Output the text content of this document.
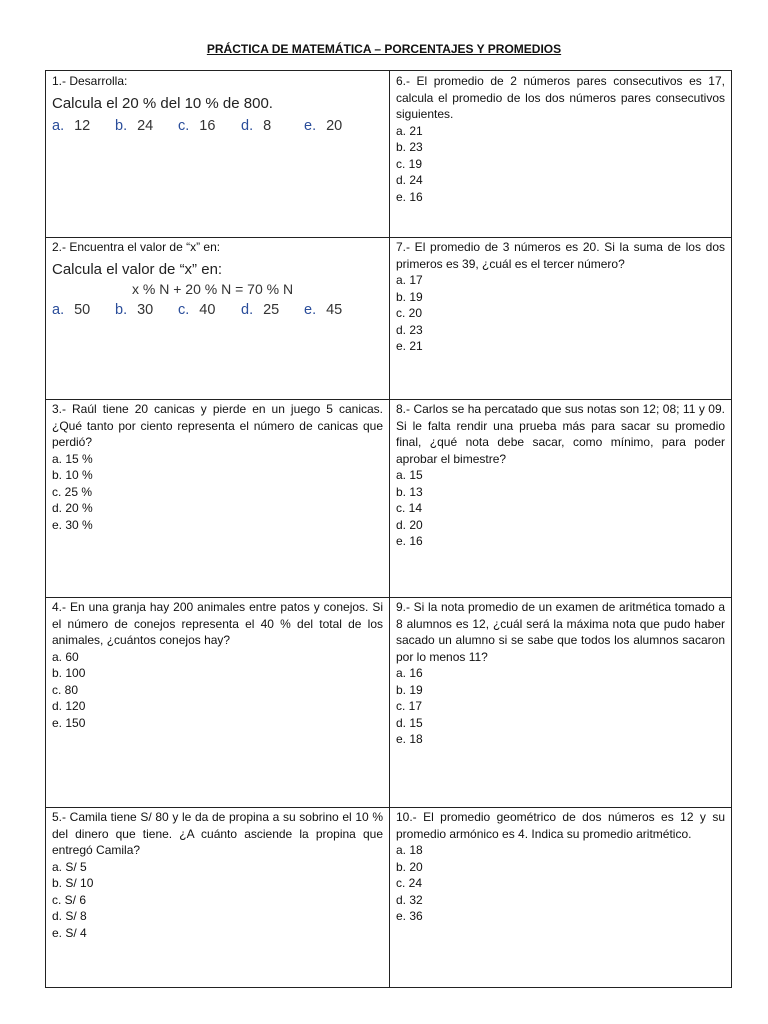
PRÁCTICA DE MATEMÁTICA – PORCENTAJES Y PROMEDIOS

1.- Desarrolla:

Calcula el 20 % del 10 % de 800.
a. 12	b. 24	c. 16	d. 8	e. 20

6.- El promedio de 2 números pares consecutivos es 17, calcula el promedio de los dos números pares consecutivos siguientes.

a. 21

b. 23

c. 19

d. 24

e. 16

2.- Encuentra el valor de “x” en:

Calcula el valor de “x” en:
x % N + 20 % N = 70 % N
a. 50	b. 30	c. 40	d. 25	e. 45

7.- El promedio de 3 números es 20. Si la suma de los dos primeros es 39, ¿cuál es el tercer número?

a. 17

b. 19

c. 20

d. 23

e. 21

3.- Raúl tiene 20 canicas y pierde en un juego 5 canicas. ¿Qué tanto por ciento representa el número de canicas que perdió?

a. 15 %

b. 10 %

c. 25 %

d. 20 %

e. 30 %

8.- Carlos se ha percatado que sus notas son 12; 08; 11 y 09. Si le falta rendir una prueba más para sacar su promedio final, ¿qué nota debe sacar, como mínimo, para poder aprobar el bimestre?

a. 15

b. 13

c. 14

d. 20

e. 16

4.- En una granja hay 200 animales entre patos y conejos. Si el número de conejos representa el 40 % del total de los animales, ¿cuántos conejos hay?

a. 60

b. 100

c. 80

d. 120

e. 150

9.- Si la nota promedio de un examen de aritmética tomado a 8 alumnos es 12, ¿cuál será la máxima nota que pudo haber sacado un alumno si se sabe que todos los alumnos sacaron por lo menos 11?

a. 16

b. 19

c. 17

d. 15

e. 18

5.- Camila tiene S/ 80 y le da de propina a su sobrino el 10 % del dinero que tiene. ¿A cuánto asciende la propina que entregó Camila?

a. S/ 5

b. S/ 10

c. S/ 6

d. S/ 8

e. S/ 4

10.- El promedio geométrico de dos números es 12 y su promedio armónico es 4. Indica su promedio aritmético.

a. 18

b. 20

c. 24

d. 32

e. 36
